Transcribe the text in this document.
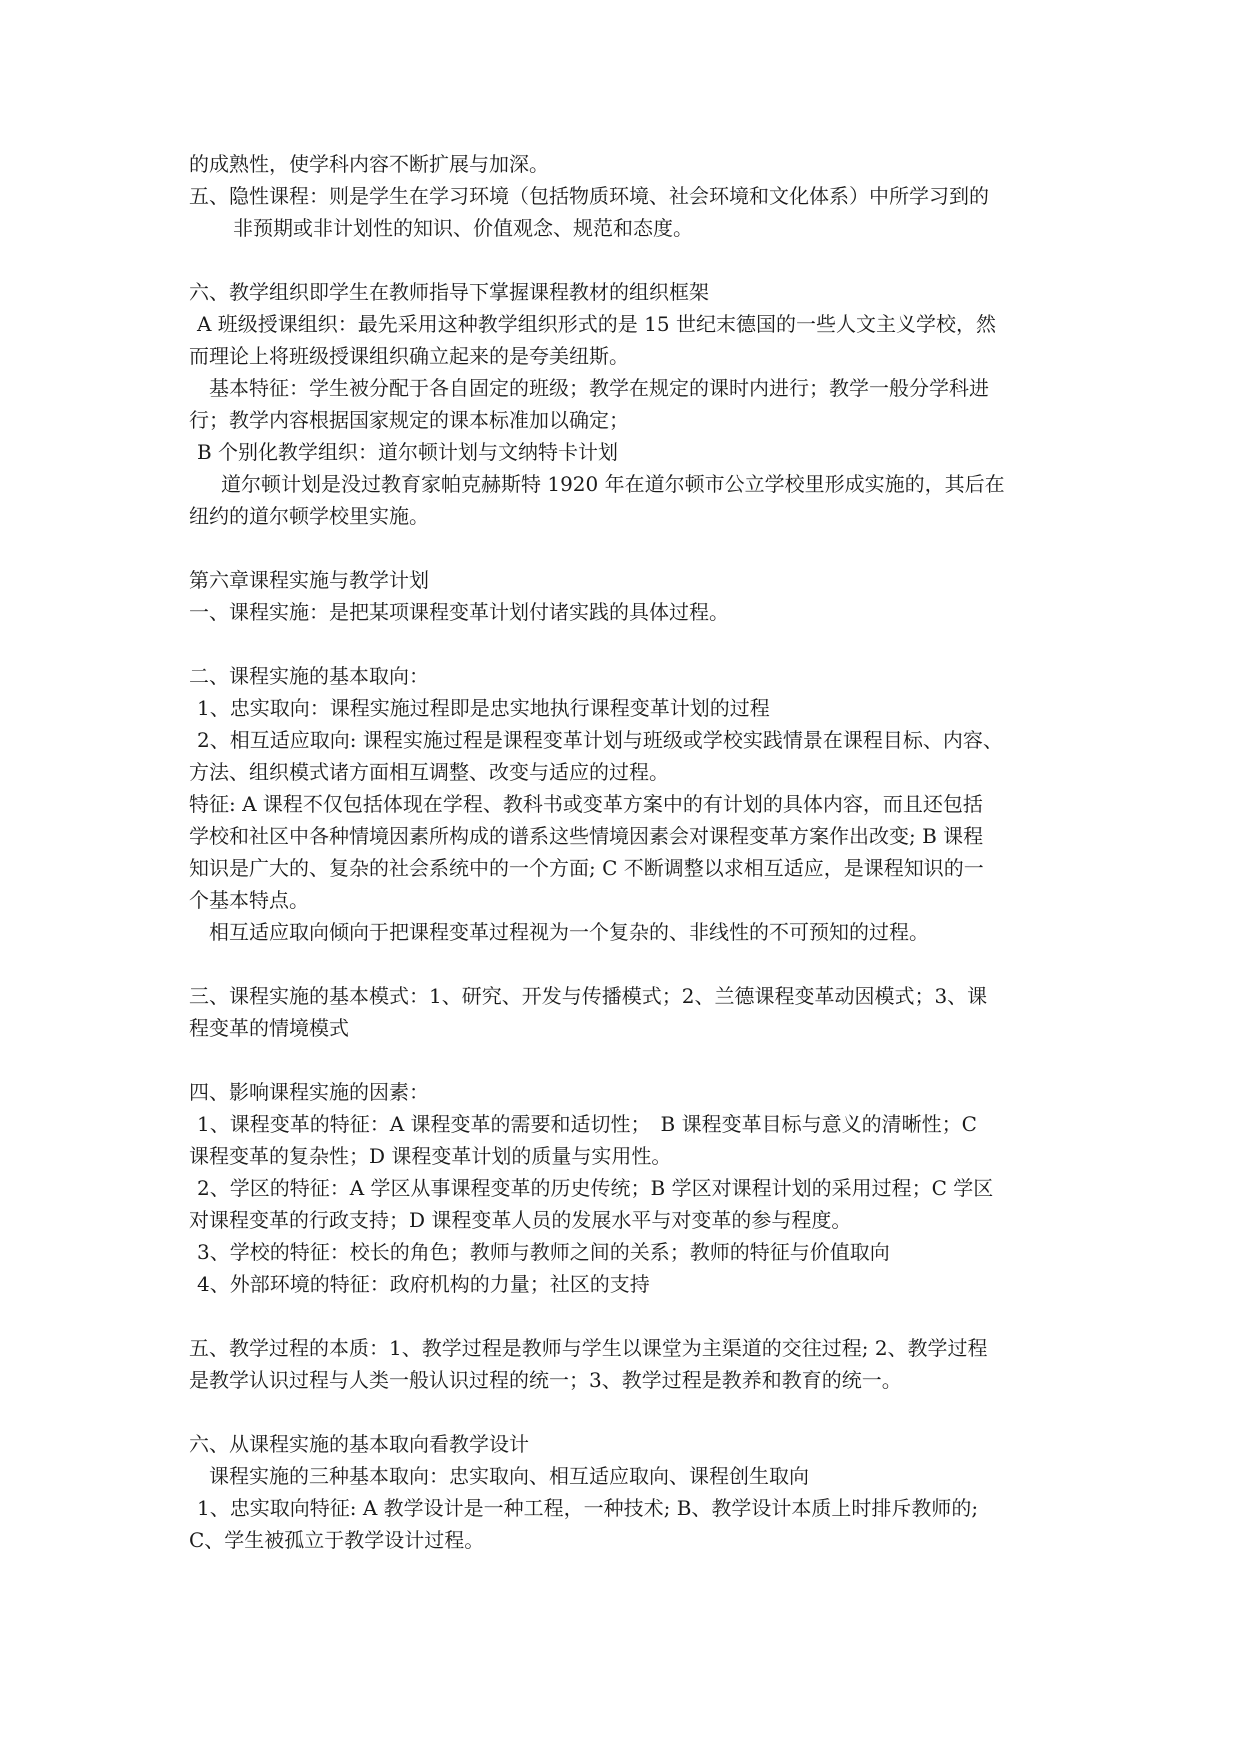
的成熟性，使学科内容不断扩展与加深。
五、隐性课程：则是学生在学习环境（包括物质环境、社会环境和文化体系）中所学习到的
非预期或非计划性的知识、价值观念、规范和态度。
六、教学组织即学生在教师指导下掌握课程教材的组织框架
A 班级授课组织：最先采用这种教学组织形式的是 15 世纪末德国的一些人文主义学校，然
而理论上将班级授课组织确立起来的是夸美纽斯。
基本特征：学生被分配于各自固定的班级；教学在规定的课时内进行；教学一般分学科进
行；教学内容根据国家规定的课本标准加以确定；
B 个别化教学组织：道尔顿计划与文纳特卡计划
道尔顿计划是没过教育家帕克赫斯特 1920 年在道尔顿市公立学校里形成实施的，其后在
纽约的道尔顿学校里实施。
第六章课程实施与教学计划
一、课程实施：是把某项课程变革计划付诸实践的具体过程。
二、课程实施的基本取向：
1、忠实取向：课程实施过程即是忠实地执行课程变革计划的过程
2、相互适应取向: 课程实施过程是课程变革计划与班级或学校实践情景在课程目标、内容、
方法、组织模式诸方面相互调整、改变与适应的过程。
特征: A 课程不仅包括体现在学程、教科书或变革方案中的有计划的具体内容，而且还包括
学校和社区中各种情境因素所构成的谱系这些情境因素会对课程变革方案作出改变; B 课程
知识是广大的、复杂的社会系统中的一个方面; C 不断调整以求相互适应，是课程知识的一
个基本特点。
相互适应取向倾向于把课程变革过程视为一个复杂的、非线性的不可预知的过程。
三、课程实施的基本模式：1、研究、开发与传播模式；2、兰德课程变革动因模式；3、课
程变革的情境模式
四、影响课程实施的因素：
1、课程变革的特征：A 课程变革的需要和适切性；　B 课程变革目标与意义的清晰性；C
课程变革的复杂性；D 课程变革计划的质量与实用性。
2、学区的特征：A 学区从事课程变革的历史传统；B 学区对课程计划的采用过程；C 学区
对课程变革的行政支持；D 课程变革人员的发展水平与对变革的参与程度。
3、学校的特征：校长的角色；教师与教师之间的关系；教师的特征与价值取向
4、外部环境的特征：政府机构的力量；社区的支持
五、教学过程的本质：1、教学过程是教师与学生以课堂为主渠道的交往过程; 2、教学过程
是教学认识过程与人类一般认识过程的统一；3、教学过程是教养和教育的统一。
六、从课程实施的基本取向看教学设计
课程实施的三种基本取向：忠实取向、相互适应取向、课程创生取向
1、忠实取向特征: A 教学设计是一种工程，一种技术; B、教学设计本质上时排斥教师的;
C、学生被孤立于教学设计过程。
